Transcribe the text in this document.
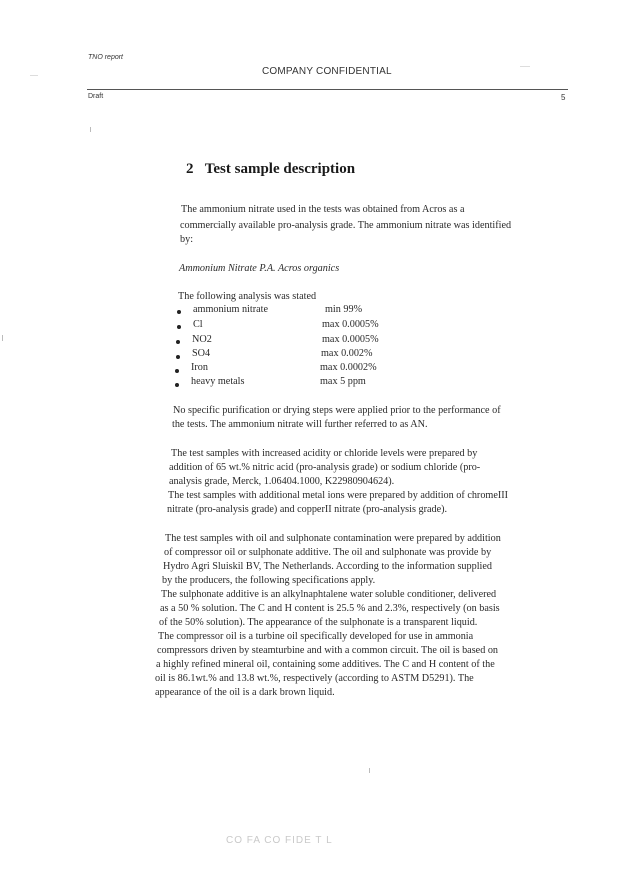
TNO report
COMPANY CONFIDENTIAL
Draft	5
2 Test sample description
The ammonium nitrate used in the tests was obtained from Acros as a
commercially available pro-analysis grade. The ammonium nitrate was identified
by:
Ammonium Nitrate P.A. Acros organics
The following analysis was stated
ammonium nitrate	min 99%
Cl	max 0.0005%
NO2	max 0.0005%
SO4	max 0.002%
Iron	max 0.0002%
heavy metals	max 5 ppm
No specific purification or drying steps were applied prior to the performance of
the tests. The ammonium nitrate will further referred to as AN.
The test samples with increased acidity or chloride levels were prepared by
addition of 65 wt.% nitric acid (pro-analysis grade) or sodium chloride (pro-
analysis grade, Merck, 1.06404.1000, K22980904624).
The test samples with additional metal ions were prepared by addition of chromeIII
nitrate (pro-analysis grade) and copperII nitrate (pro-analysis grade).
The test samples with oil and sulphonate contamination were prepared by addition
of compressor oil or sulphonate additive. The oil and sulphonate was provide by
Hydro Agri Sluiskil BV, The Netherlands. According to the information supplied
by the producers, the following specifications apply.
The sulphonate additive is an alkylnaphtalene water soluble conditioner, delivered
as a 50 % solution. The C and H content is 25.5 % and 2.3%, respectively (on basis
of the 50% solution). The appearance of the sulphonate is a transparent liquid.
The compressor oil is a turbine oil specifically developed for use in ammonia
compressors driven by steamturbine and with a common circuit. The oil is based on
a highly refined mineral oil, containing some additives. The C and H content of the
oil is 86.1wt.% and 13.8 wt.%, respectively (according to ASTM D5291). The
appearance of the oil is a dark brown liquid.
CO FA CO FIDE T L
